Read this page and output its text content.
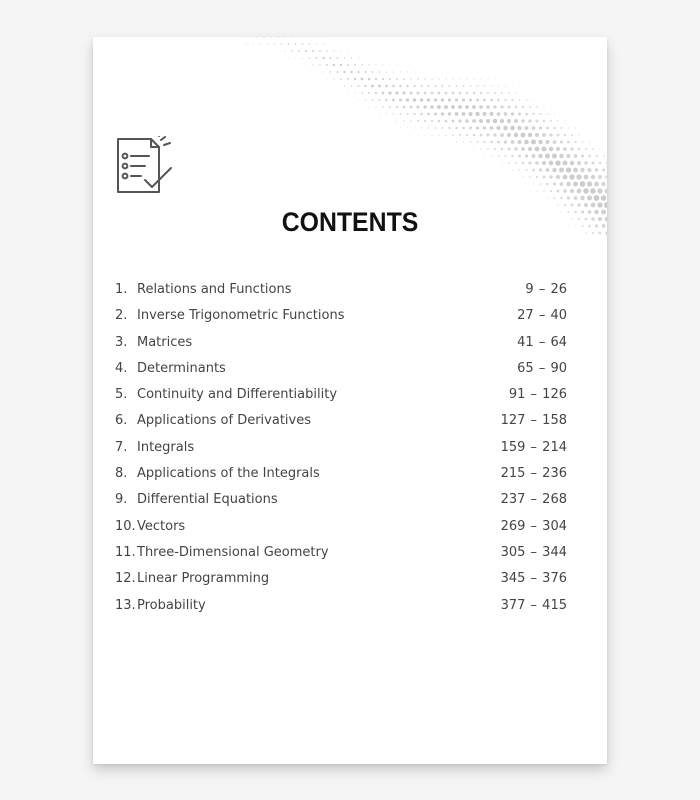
CONTENTS
1. Relations and Functions	9 – 26
2. Inverse Trigonometric Functions	27 – 40
3. Matrices	41 – 64
4. Determinants	65 – 90
5. Continuity and Differentiability	91 – 126
6. Applications of Derivatives	127 – 158
7. Integrals	159 – 214
8. Applications of the Integrals	215 – 236
9. Differential Equations	237 – 268
10. Vectors	269 – 304
11. Three-Dimensional Geometry	305 – 344
12. Linear Programming	345 – 376
13. Probability	377 – 415
